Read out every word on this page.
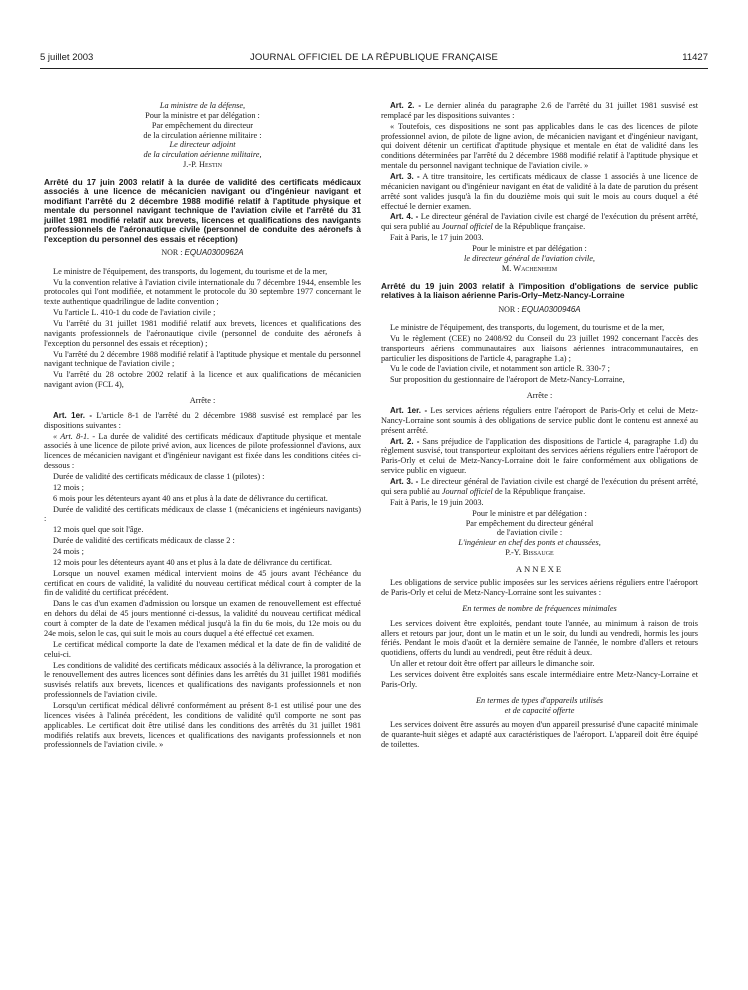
5 juillet 2003	JOURNAL OFFICIEL DE LA RÉPUBLIQUE FRANÇAISE	11427

La ministre de la défense,

Pour la ministre et par délégation :

Par empêchement du directeur

de la circulation aérienne militaire :

Le directeur adjoint

de la circulation aérienne militaire,

J.-P. Hestin

Arrêté du 17 juin 2003 relatif à la durée de validité des certificats médicaux associés à une licence de mécanicien navigant ou d'ingénieur navigant et modifiant l'arrêté du 2 décembre 1988 modifié relatif à l'aptitude physique et mentale du personnel navigant technique de l'aviation civile et l'arrêté du 31 juillet 1981 modifié relatif aux brevets, licences et qualifications des navigants professionnels de l'aéronautique civile (personnel de conduite des aéronefs à l'exception du personnel des essais et réception)
NOR : EQUA0300962A

Le ministre de l'équipement, des transports, du logement, du tourisme et de la mer,

Vu la convention relative à l'aviation civile internationale du 7 décembre 1944, ensemble les protocoles qui l'ont modifiée, et notamment le protocole du 30 septembre 1977 concernant le texte authentique quadrilingue de ladite convention ;

Vu l'article L. 410-1 du code de l'aviation civile ;

Vu l'arrêté du 31 juillet 1981 modifié relatif aux brevets, licences et qualifications des navigants professionnels de l'aéronautique civile (personnel de conduite des aéronefs à l'exception du personnel des essais et réception) ;

Vu l'arrêté du 2 décembre 1988 modifié relatif à l'aptitude physique et mentale du personnel navigant technique de l'aviation civile ;

Vu l'arrêté du 28 octobre 2002 relatif à la licence et aux qualifications de mécanicien navigant avion (FCL 4),

Arrête :

Art. 1er. - L'article 8-1 de l'arrêté du 2 décembre 1988 susvisé est remplacé par les dispositions suivantes :

« Art. 8-1. - La durée de validité des certificats médicaux d'aptitude physique et mentale associés à une licence de pilote privé avion, aux licences de pilote professionnel d'avions, aux licences de mécanicien navigant et d'ingénieur navigant est fixée dans les conditions citées ci-dessous :

Durée de validité des certificats médicaux de classe 1 (pilotes) :

12 mois ;

6 mois pour les détenteurs ayant 40 ans et plus à la date de délivrance du certificat.

Durée de validité des certificats médicaux de classe 1 (mécaniciens et ingénieurs navigants) :

12 mois quel que soit l'âge.

Durée de validité des certificats médicaux de classe 2 :

24 mois ;

12 mois pour les détenteurs ayant 40 ans et plus à la date de délivrance du certificat.

Lorsque un nouvel examen médical intervient moins de 45 jours avant l'échéance du certificat en cours de validité, la validité du nouveau certificat médical court à compter de la fin de validité du certificat précédent.

Dans le cas d'un examen d'admission ou lorsque un examen de renouvellement est effectué en dehors du délai de 45 jours mentionné ci-dessus, la validité du nouveau certificat médical court à compter de la date de l'examen médical jusqu'à la fin du 6e mois, du 12e mois ou du 24e mois, selon le cas, qui suit le mois au cours duquel a été effectué cet examen.

Le certificat médical comporte la date de l'examen médical et la date de fin de validité de celui-ci.

Les conditions de validité des certificats médicaux associés à la délivrance, la prorogation et le renouvellement des autres licences sont définies dans les arrêtés du 31 juillet 1981 modifiés susvisés relatifs aux brevets, licences et qualifications des navigants professionnels et non professionnels de l'aviation civile.

Lorsqu'un certificat médical délivré conformément au présent 8-1 est utilisé pour une des licences visées à l'alinéa précédent, les conditions de validité qu'il comporte ne sont pas applicables. Le certificat doit être utilisé dans les conditions des arrêtés du 31 juillet 1981 modifiés relatifs aux brevets, licences et qualifications des navigants professionnels et non professionnels de l'aviation civile. »

Art. 2. - Le dernier alinéa du paragraphe 2.6 de l'arrêté du 31 juillet 1981 susvisé est remplacé par les dispositions suivantes :

« Toutefois, ces dispositions ne sont pas applicables dans le cas des licences de pilote professionnel avion, de pilote de ligne avion, de mécanicien navigant et d'ingénieur navigant, qui doivent détenir un certificat d'aptitude physique et mentale en état de validité dans les conditions déterminées par l'arrêté du 2 décembre 1988 modifié relatif à l'aptitude physique et mentale du personnel navigant technique de l'aviation civile. »

Art. 3. - A titre transitoire, les certificats médicaux de classe 1 associés à une licence de mécanicien navigant ou d'ingénieur navigant en état de validité à la date de parution du présent arrêté sont valides jusqu'à la fin du douzième mois qui suit le mois au cours duquel a été effectué le dernier examen.

Art. 4. - Le directeur général de l'aviation civile est chargé de l'exécution du présent arrêté, qui sera publié au Journal officiel de la République française.

Fait à Paris, le 17 juin 2003.

Pour le ministre et par délégation :

le directeur général de l'aviation civile,

M. Wachenheim

Arrêté du 19 juin 2003 relatif à l'imposition d'obligations de service public relatives à la liaison aérienne Paris-Orly–Metz-Nancy-Lorraine
NOR : EQUA0300946A

Le ministre de l'équipement, des transports, du logement, du tourisme et de la mer,

Vu le règlement (CEE) no 2408/92 du Conseil du 23 juillet 1992 concernant l'accès des transporteurs aériens communautaires aux liaisons aériennes intracommunautaires, en particulier les dispositions de l'article 4, paragraphe 1.a) ;

Vu le code de l'aviation civile, et notamment son article R. 330-7 ;

Sur proposition du gestionnaire de l'aéroport de Metz-Nancy-Lorraine,

Arrête :

Art. 1er. - Les services aériens réguliers entre l'aéroport de Paris-Orly et celui de Metz-Nancy-Lorraine sont soumis à des obligations de service public dont le contenu est annexé au présent arrêté.

Art. 2. - Sans préjudice de l'application des dispositions de l'article 4, paragraphe 1.d) du règlement susvisé, tout transporteur exploitant des services aériens réguliers entre l'aéroport de Paris-Orly et celui de Metz-Nancy-Lorraine doit le faire conformément aux obligations de service public en vigueur.

Art. 3. - Le directeur général de l'aviation civile est chargé de l'exécution du présent arrêté, qui sera publié au Journal officiel de la République française.

Fait à Paris, le 19 juin 2003.

Pour le ministre et par délégation :

Par empêchement du directeur général

de l'aviation civile :

L'ingénieur en chef des ponts et chaussées,

P.-Y. Bissauge

ANNEXE

Les obligations de service public imposées sur les services aériens réguliers entre l'aéroport de Paris-Orly et celui de Metz-Nancy-Lorraine sont les suivantes :

En termes de nombre de fréquences minimales

Les services doivent être exploités, pendant toute l'année, au minimum à raison de trois allers et retours par jour, dont un le matin et un le soir, du lundi au vendredi, hormis les jours fériés. Pendant le mois d'août et la dernière semaine de l'année, le nombre d'allers et retours quotidiens, offerts du lundi au vendredi, peut être réduit à deux.

Un aller et retour doit être offert par ailleurs le dimanche soir.

Les services doivent être exploités sans escale intermédiaire entre Metz-Nancy-Lorraine et Paris-Orly.

En termes de types d'appareils utilisés

et de capacité offerte

Les services doivent être assurés au moyen d'un appareil pressurisé d'une capacité minimale de quarante-huit sièges et adapté aux caractéristiques de l'aéroport. L'appareil doit être équipé de toilettes.
